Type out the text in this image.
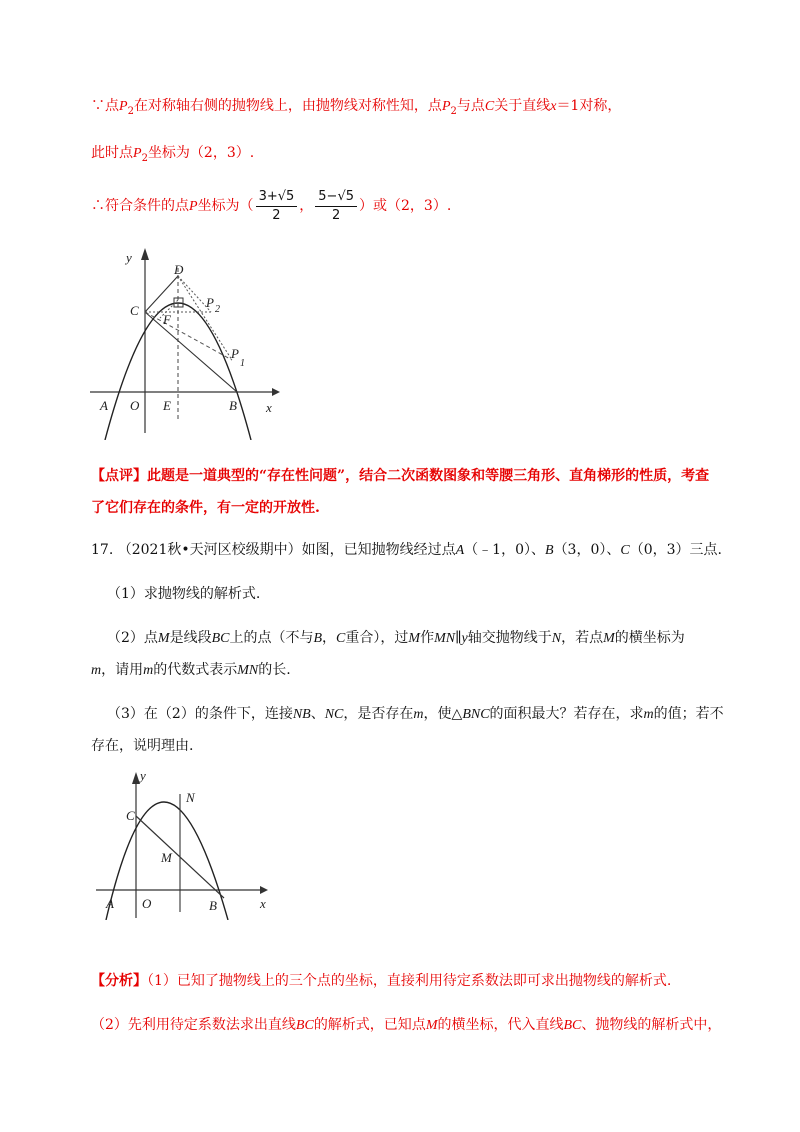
∵点$P_2$在对称轴右侧的抛物线上，由抛物线对称性知，点$P_2$与点C关于直线x＝1对称，
此时点$P_2$坐标为（2，3）.
∴符合条件的点P坐标为（ $\frac{3+√5}{2}$ ， $\frac{5-√5}{2}$ ）或（2，3）.
y
x
D
C
F
P 2
P
1
A O E	B
【点评】此题是一道典型的“存在性问题”，结合二次函数图象和等腰三角形、直角梯形的性质，考查
了它们存在的条件，有一定的开放性.
17. （2021秋•天河区校级期中）如图，已知抛物线经过点A（﹣1，0）、B（3，0）、C（0，3）三点.
（1）求抛物线的解析式.
（2）点M是线段BC上的点（不与B，C重合），过M作MN∥y轴交抛物线于N，若点M的横坐标为
m，请用m的代数式表示MN的长.
（3）在（2）的条件下，连接NB、NC，是否存在m，使△BNC的面积最大？若存在，求m的值；若不
存在，说明理由.
y
x
C
N
M
A O	B
【分析】（1）已知了抛物线上的三个点的坐标，直接利用待定系数法即可求出抛物线的解析式.
（2）先利用待定系数法求出直线BC的解析式，已知点M的横坐标，代入直线BC、抛物线的解析式中，
